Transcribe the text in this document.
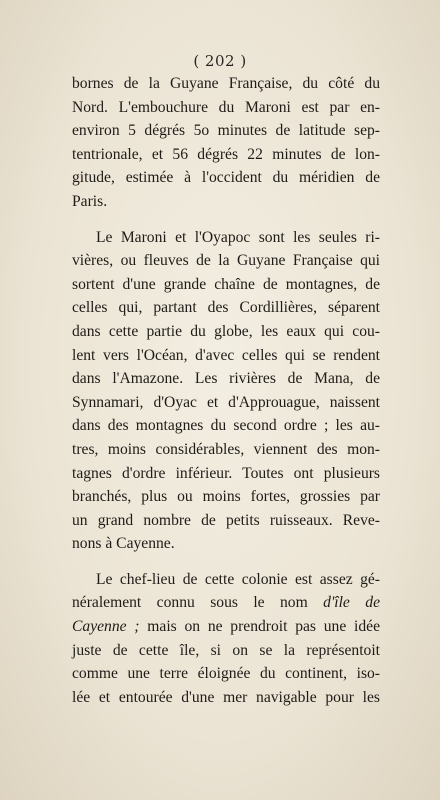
( 202 )
bornes de la Guyane Française, du côté du
Nord. L'embouchure du Maroni est par en-
environ 5 dégrés 5o minutes de latitude sep-
tentrionale, et 56 dégrés 22 minutes de lon-
gitude, estimée à l'occident du méridien de
Paris.
Le Maroni et l'Oyapoc sont les seules ri-
vières, ou fleuves de la Guyane Française qui
sortent d'une grande chaîne de montagnes, de
celles qui, partant des Cordillières, séparent
dans cette partie du globe, les eaux qui cou-
lent vers l'Océan, d'avec celles qui se rendent
dans l'Amazone. Les rivières de Mana, de
Synnamari, d'Oyac et d'Approuague, naissent
dans des montagnes du second ordre ; les au-
tres, moins considérables, viennent des mon-
tagnes d'ordre inférieur. Toutes ont plusieurs
branchés, plus ou moins fortes, grossies par
un grand nombre de petits ruisseaux. Reve-
nons à Cayenne.
Le chef-lieu de cette colonie est assez gé-
néralement connu sous le nom d'île de
Cayenne ; mais on ne prendroit pas une idée
juste de cette île, si on se la représentoit
comme une terre éloignée du continent, iso-
lée et entourée d'une mer navigable pour les
